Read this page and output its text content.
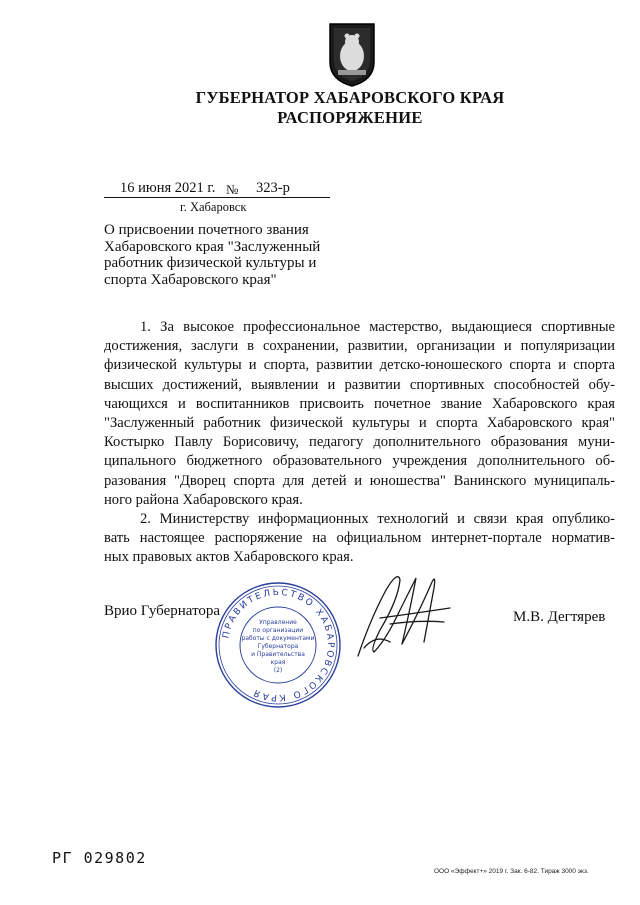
ГУБЕРНАТОР ХАБАРОВСКОГО КРАЯ
РАСПОРЯЖЕНИЕ
16 июня 2021 г. № 323-р
г. Хабаровск
О присвоении почетного звания
Хабаровского края "Заслуженный
работник физической культуры и
спорта Хабаровского края"

1. За высокое профессиональное мастерство, выдающиеся спортивные
достижения, заслуги в сохранении, развитии, организации и популяризации
физической культуры и спорта, развитии детско-юношеского спорта и спорта
высших достижений, выявлении и развитии спортивных способностей обу-
чающихся и воспитанников присвоить почетное звание Хабаровского края
"Заслуженный работник физической культуры и спорта Хабаровского края"
Костырко Павлу Борисовичу, педагогу дополнительного образования муни-
ципального бюджетного образовательного учреждения дополнительного об-
разования "Дворец спорта для детей и юношества" Ванинского муниципаль-
ного района Хабаровского края.

2. Министерству информационных технологий и связи края опублико-
вать настоящее распоряжение на официальном интернет-портале норматив-
ных правовых актов Хабаровского края.

Врио Губернатора
ПРАВИТЕЛЬСТВО ХАБАРОВСКОГО КРАЯ
Управление
по организации
работы с документами
Губернатора
и Правительства
края
(2)
М.В. Дегтярев
РГ 029802
ООО «Эффект+» 2019 г. Зак. 6-82. Тираж 3000 экз.
